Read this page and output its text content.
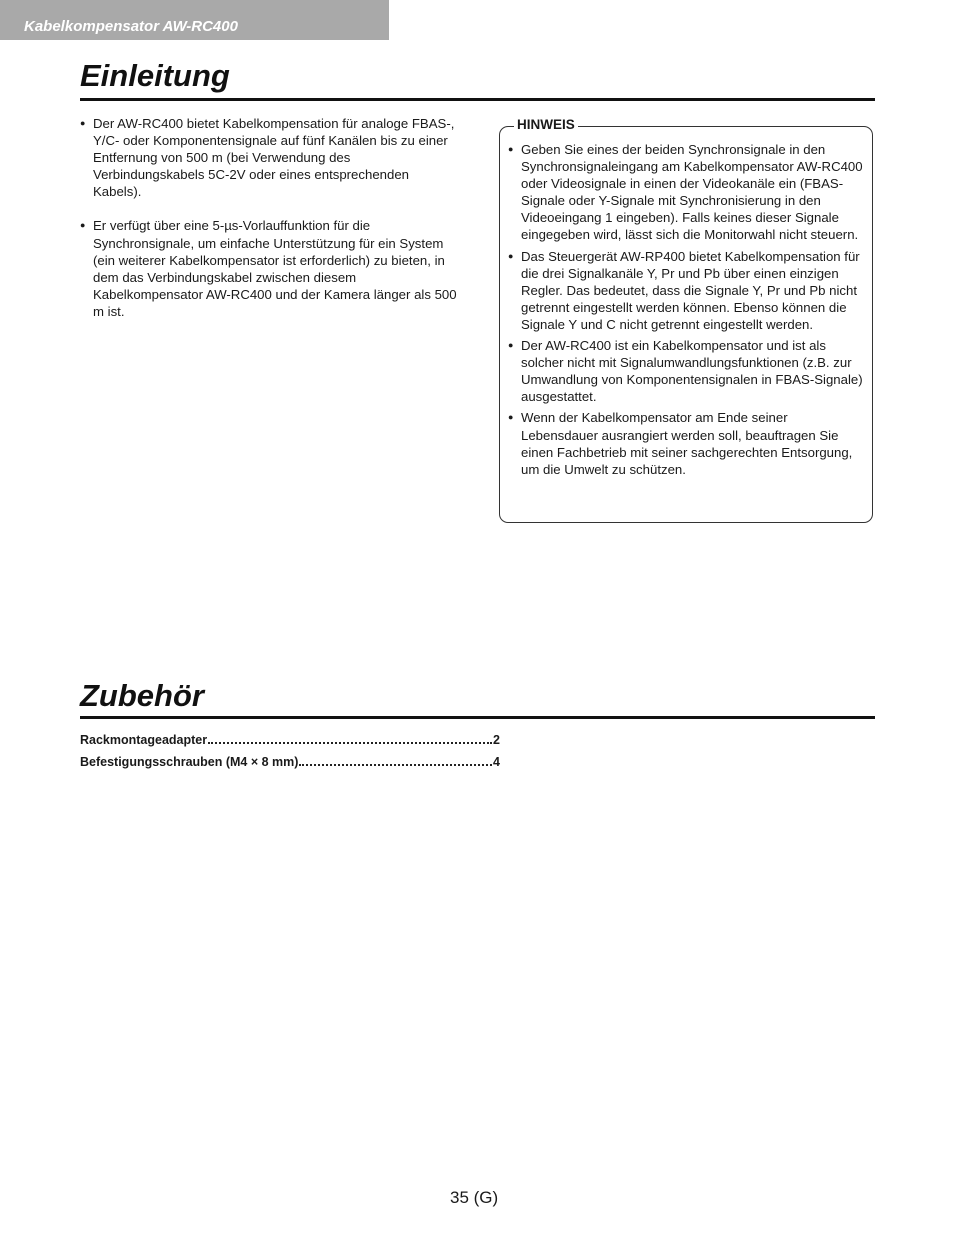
Kabelkompensator AW-RC400
Einleitung

● Der AW-RC400 bietet Kabelkompensation für analoge FBAS-, Y/C- oder Komponentensignale auf fünf Kanälen bis zu einer Entfernung von 500 m (bei Verwendung des Verbindungskabels 5C-2V oder eines entsprechenden Kabels).

● Er verfügt über eine 5-µs-Vorlauffunktion für die Synchronsignale, um einfache Unterstützung für ein System (ein weiterer Kabelkompensator ist erforderlich) zu bieten, in dem das Verbindungskabel zwischen diesem Kabelkompensator AW-RC400 und der Kamera länger als 500 m ist.

HINWEIS

● Geben Sie eines der beiden Synchronsignale in den Synchronsignaleingang am Kabelkompensator AW-RC400 oder Videosignale in einen der Videokanäle ein (FBAS-Signale oder Y-Signale mit Synchronisierung in den Videoeingang 1 eingeben). Falls keines dieser Signale eingegeben wird, lässt sich die Monitorwahl nicht steuern.

● Das Steuergerät AW-RP400 bietet Kabelkompensation für die drei Signalkanäle Y, Pr und Pb über einen einzigen Regler. Das bedeutet, dass die Signale Y, Pr und Pb nicht getrennt eingestellt werden können. Ebenso können die Signale Y und C nicht getrennt eingestellt werden.

● Der AW-RC400 ist ein Kabelkompensator und ist als solcher nicht mit Signalumwandlungsfunktionen (z.B. zur Umwandlung von Komponentensignalen in FBAS-Signale) ausgestattet.

● Wenn der Kabelkompensator am Ende seiner Lebensdauer ausrangiert werden soll, beauftragen Sie einen Fachbetrieb mit seiner sachgerechten Entsorgung, um die Umwelt zu schützen.

Zubehör
Rackmontageadapter	2
Befestigungsschrauben (M4 × 8 mm)	4
35 (G)
